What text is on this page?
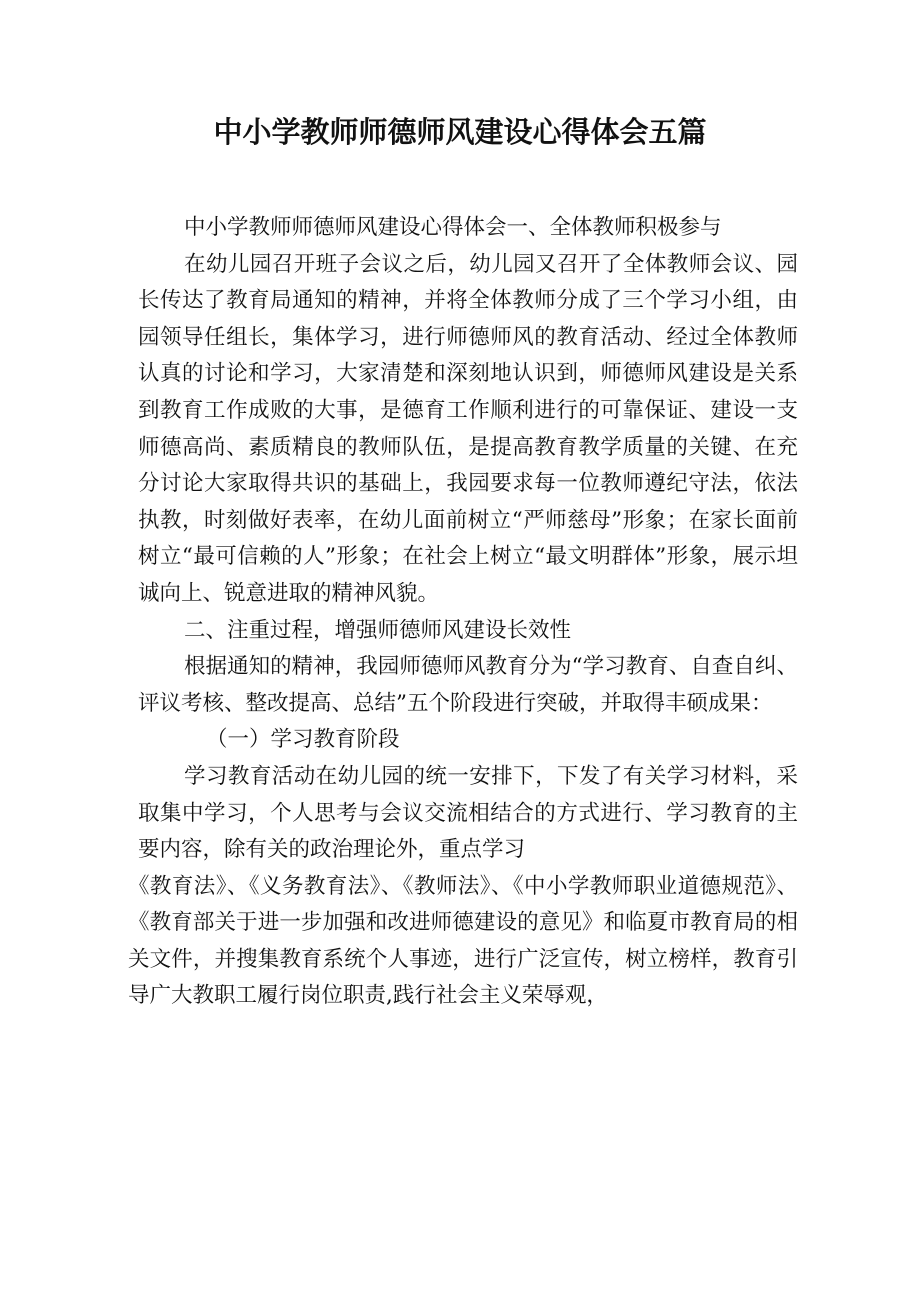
中小学教师师德师风建设心得体会五篇

中小学教师师德师风建设心得体会一、全体教师积极参与

在幼儿园召开班子会议之后，幼儿园又召开了全体教师会议、园长传达了教育局通知的精神，并将全体教师分成了三个学习小组，由园领导任组长，集体学习，进行师德师风的教育活动、经过全体教师认真的讨论和学习，大家清楚和深刻地认识到，师德师风建设是关系到教育工作成败的大事，是德育工作顺利进行的可靠保证、建设一支师德高尚、素质精良的教师队伍，是提高教育教学质量的关键、在充分讨论大家取得共识的基础上，我园要求每一位教师遵纪守法，依法执教，时刻做好表率，在幼儿面前树立“严师慈母”形象；在家长面前树立“最可信赖的人”形象；在社会上树立“最文明群体”形象，展示坦诚向上、锐意进取的精神风貌。

二、注重过程，增强师德师风建设长效性

根据通知的精神，我园师德师风教育分为“学习教育、自查自纠、评议考核、整改提高、总结”五个阶段进行突破，并取得丰硕成果：

（一）学习教育阶段

学习教育活动在幼儿园的统一安排下，下发了有关学习材料，采取集中学习，个人思考与会议交流相结合的方式进行、学习教育的主要内容，除有关的政治理论外，重点学习

《教育法》、《义务教育法》、《教师法》、《中小学教师职业道德规范》、《教育部关于进一步加强和改进师德建设的意见》和临夏市教育局的相关文件，并搜集教育系统个人事迹，进行广泛宣传，树立榜样，教育引导广大教职工履行岗位职责,践行社会主义荣辱观，
